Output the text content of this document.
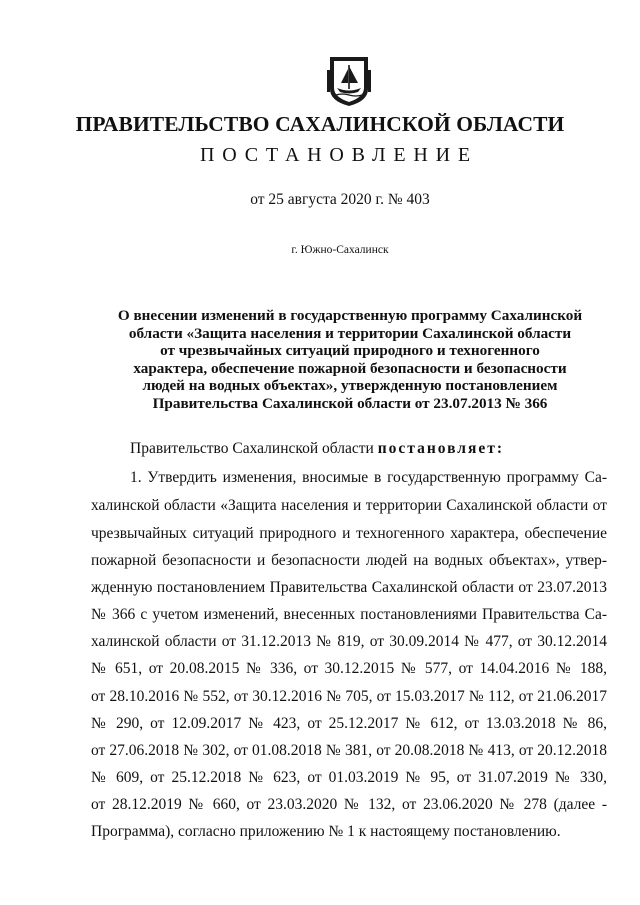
ПРАВИТЕЛЬСТВО САХАЛИНСКОЙ ОБЛАСТИ
ПОСТАНОВЛЕНИЕ
от 25 августа 2020 г. № 403
г. Южно-Сахалинск
О внесении изменений в государственную программу Сахалинской
области «Защита населения и территории Сахалинской области
от чрезвычайных ситуаций природного и техногенного
характера, обеспечение пожарной безопасности и безопасности
людей на водных объектах», утвержденную постановлением
Правительства Сахалинской области от 23.07.2013 № 366
Правительство Сахалинской области постановляет:
1. Утвердить изменения, вносимые в государственную программу Са-
халинской области «Защита населения и территории Сахалинской области от
чрезвычайных ситуаций природного и техногенного характера, обеспечение
пожарной безопасности и безопасности людей на водных объектах», утвер-
жденную постановлением Правительства Сахалинской области от 23.07.2013
№ 366 с учетом изменений, внесенных постановлениями Правительства Са-
халинской области от 31.12.2013 № 819, от 30.09.2014 № 477, от 30.12.2014
№ 651, от 20.08.2015 № 336, от 30.12.2015 № 577, от 14.04.2016 № 188,
от 28.10.2016 № 552, от 30.12.2016 № 705, от 15.03.2017 № 112, от 21.06.2017
№ 290, от 12.09.2017 № 423, от 25.12.2017 № 612, от 13.03.2018 № 86,
от 27.06.2018 № 302, от 01.08.2018 № 381, от 20.08.2018 № 413, от 20.12.2018
№ 609, от 25.12.2018 № 623, от 01.03.2019 № 95, от 31.07.2019 № 330,
от 28.12.2019 № 660, от 23.03.2020 № 132, от 23.06.2020 № 278 (далее -
Программа), согласно приложению № 1 к настоящему постановлению.
